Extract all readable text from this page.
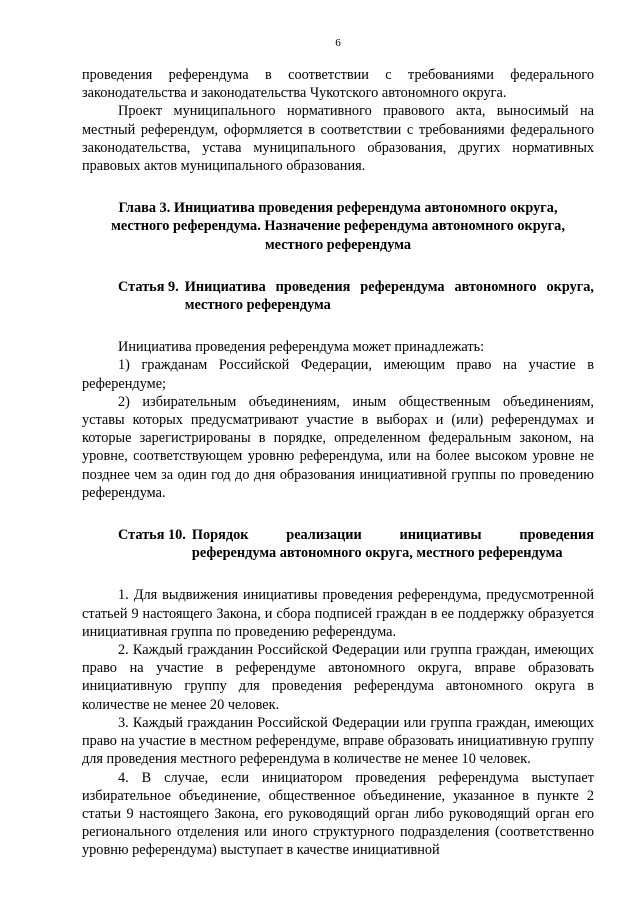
6

проведения референдума в соответствии с требованиями федерального законодательства и законодательства Чукотского автономного округа.

Проект муниципального нормативного правового акта, выносимый на местный референдум, оформляется в соответствии с требованиями федерального законодательства, устава муниципального образования, других нормативных правовых актов муниципального образования.

Глава 3. Инициатива проведения референдума автономного округа, местного референдума. Назначение референдума автономного округа, местного референдума
Статья 9. Инициатива проведения референдума автономного округа, местного референдума

Инициатива проведения референдума может принадлежать:

1) гражданам Российской Федерации, имеющим право на участие в референдуме;

2) избирательным объединениям, иным общественным объединениям, уставы которых предусматривают участие в выборах и (или) референдумах и которые зарегистрированы в порядке, определенном федеральным законом, на уровне, соответствующем уровню референдума, или на более высоком уровне не позднее чем за один год до дня образования инициативной группы по проведению референдума.

Статья 10. Порядок реализации инициативы проведения
референдума автономного округа, местного референдума

1. Для выдвижения инициативы проведения референдума, предусмотренной статьей 9 настоящего Закона, и сбора подписей граждан в ее поддержку образуется инициативная группа по проведению референдума.

2. Каждый гражданин Российской Федерации или группа граждан, имеющих право на участие в референдуме автономного округа, вправе образовать инициативную группу для проведения референдума автономного округа в количестве не менее 20 человек.

3. Каждый гражданин Российской Федерации или группа граждан, имеющих право на участие в местном референдуме, вправе образовать инициативную группу для проведения местного референдума в количестве не менее 10 человек.

4. В случае, если инициатором проведения референдума выступает избирательное объединение, общественное объединение, указанное в пункте 2 статьи 9 настоящего Закона, его руководящий орган либо руководящий орган его регионального отделения или иного структурного подразделения (соответственно уровню референдума) выступает в качестве инициативной
